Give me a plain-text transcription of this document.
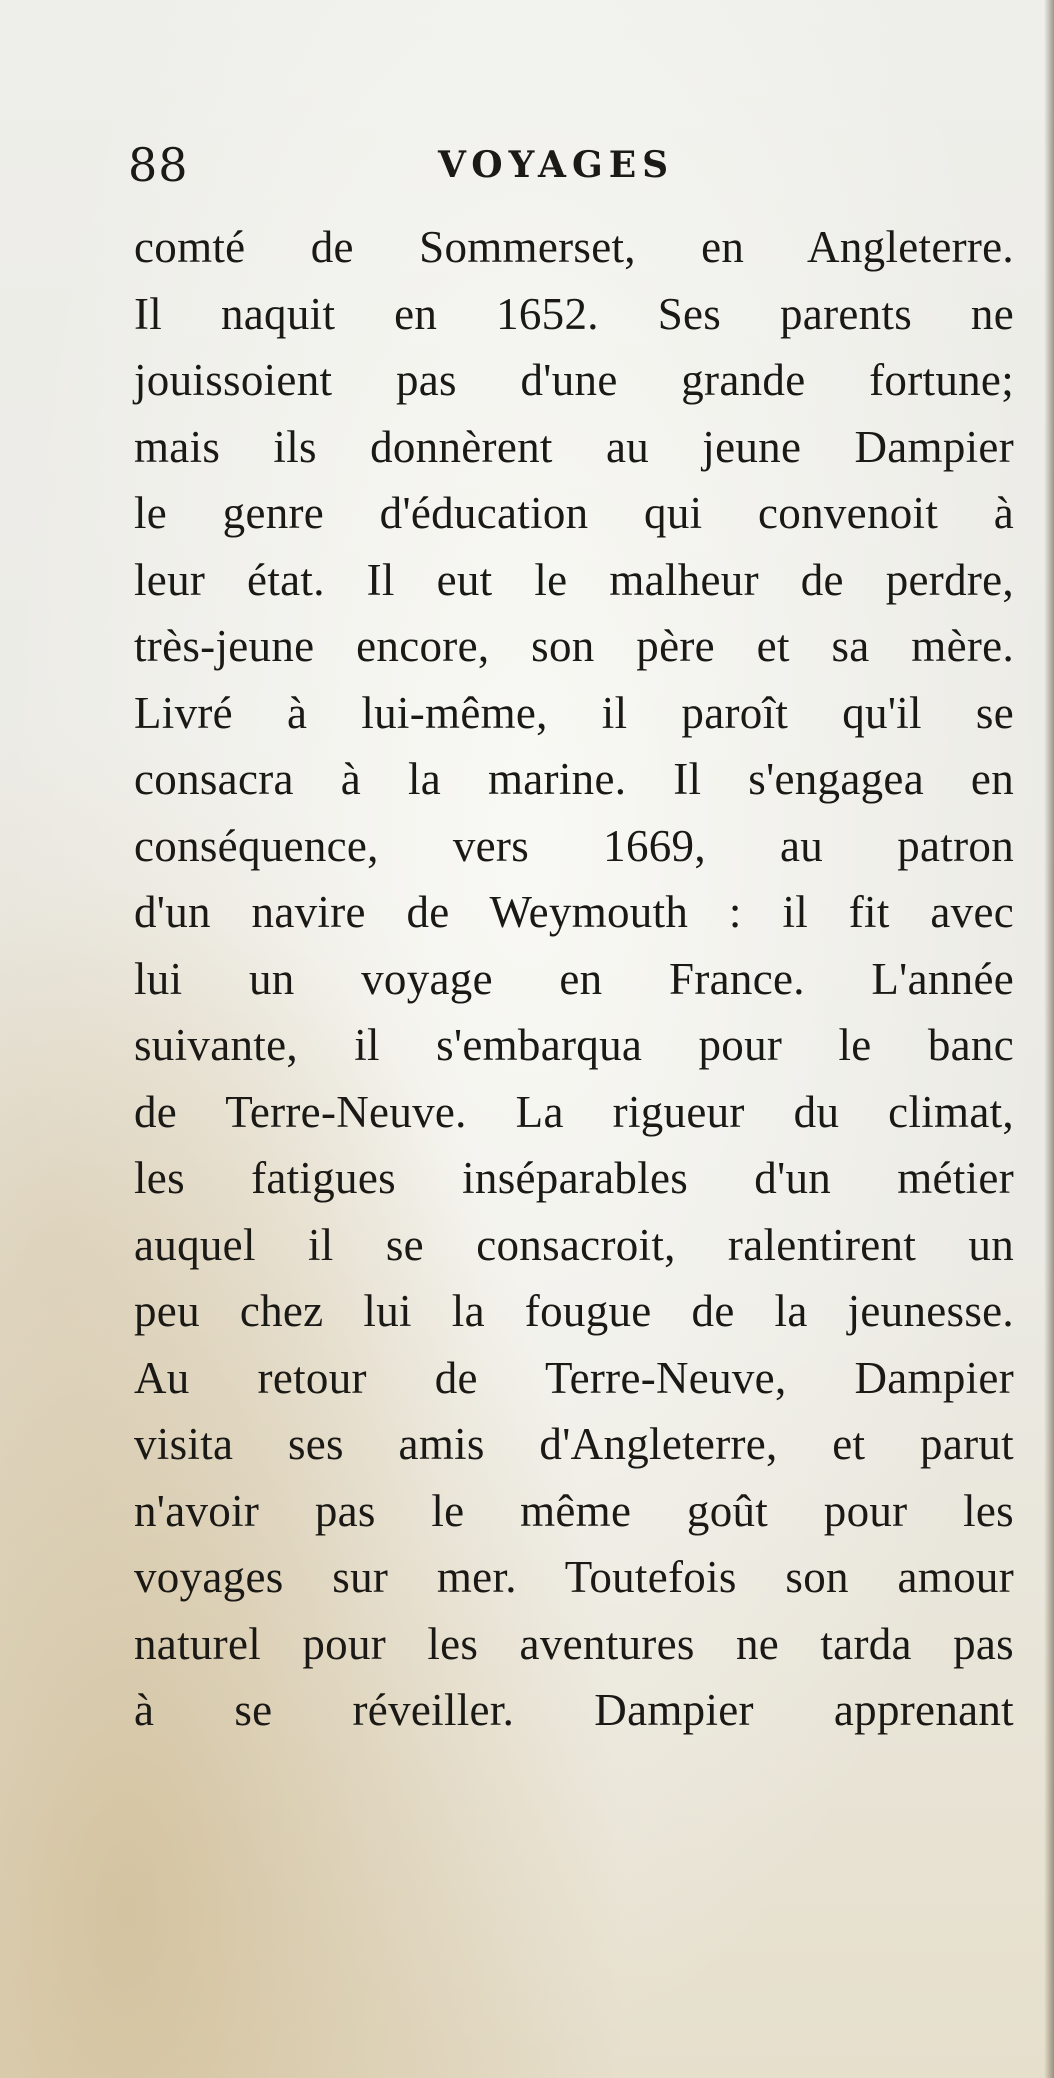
88	VOYAGES
comté de Sommerset, en Angleterre.
Il naquit en 1652. Ses parents ne
jouissoient pas d'une grande fortune;
mais ils donnèrent au jeune Dampier
le genre d'éducation qui convenoit à
leur état. Il eut le malheur de perdre,
très-jeune encore, son père et sa mère.
Livré à lui-même, il paroît qu'il se
consacra à la marine. Il s'engagea en
conséquence, vers 1669, au patron
d'un navire de Weymouth : il fit avec
lui un voyage en France. L'année
suivante, il s'embarqua pour le banc
de Terre-Neuve. La rigueur du climat,
les fatigues inséparables d'un métier
auquel il se consacroit, ralentirent un
peu chez lui la fougue de la jeunesse.
Au retour de Terre-Neuve, Dampier
visita ses amis d'Angleterre, et parut
n'avoir pas le même goût pour les
voyages sur mer. Toutefois son amour
naturel pour les aventures ne tarda pas
à se réveiller. Dampier apprenant
